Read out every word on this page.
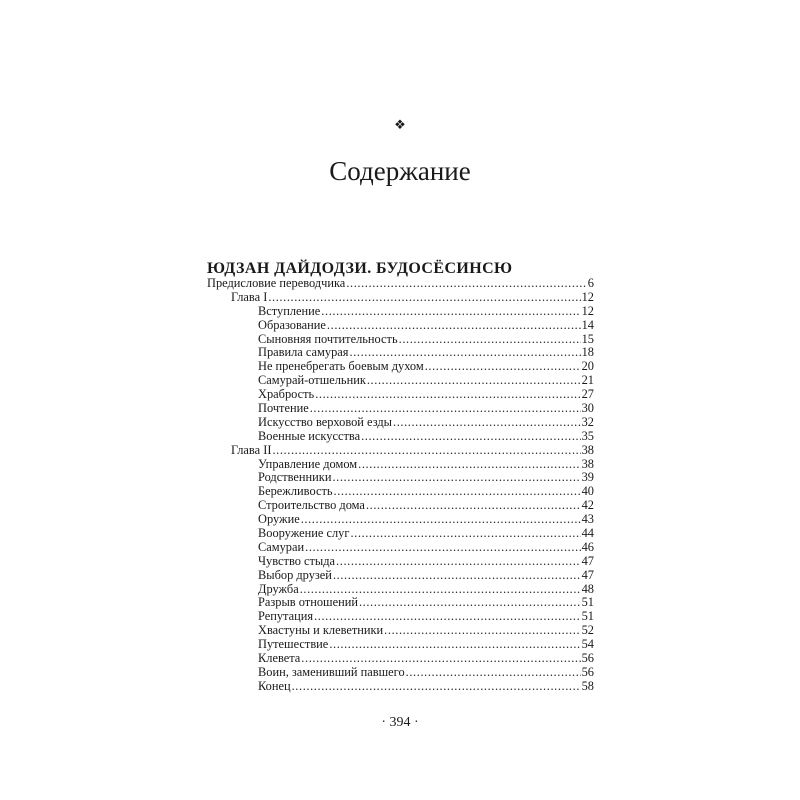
❖
Содержание
ЮДЗАН ДАЙДОДЗИ. БУДОСЁСИНСЮ
Предисловие переводчика .....	6
Глава I .....	12
Вступление .....	12
Образование .....	14
Сыновняя почтительность .....	15
Правила самурая .....	18
Не пренебрегать боевым духом .....	20
Самурай-отшельник .....	21
Храбрость .....	27
Почтение .....	30
Искусство верховой езды .....	32
Военные искусства .....	35
Глава II .....	38
Управление домом .....	38
Родственники .....	39
Бережливость .....	40
Строительство дома .....	42
Оружие .....	43
Вооружение слуг .....	44
Самураи .....	46
Чувство стыда .....	47
Выбор друзей .....	47
Дружба .....	48
Разрыв отношений .....	51
Репутация .....	51
Хвастуны и клеветники .....	52
Путешествие .....	54
Клевета .....	56
Воин, заменивший павшего .....	56
Конец .....	58
· 394 ·
